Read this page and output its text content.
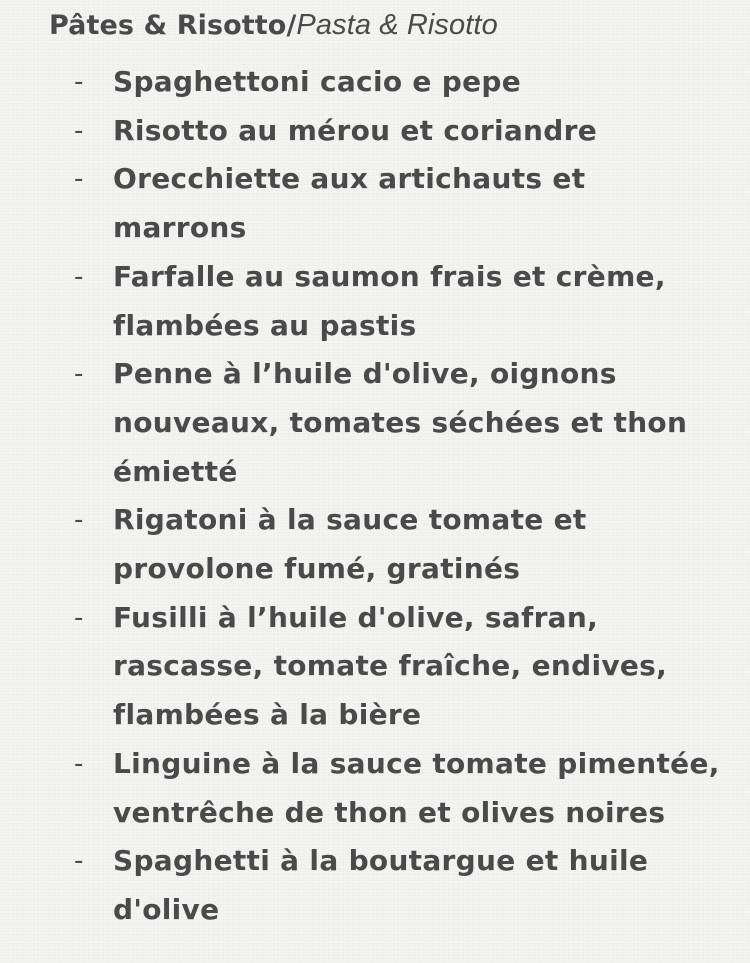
Pâtes & Risotto/Pasta & Risotto
- Spaghettoni cacio e pepe
- Risotto au mérou et coriandre
- Orecchiette aux artichauts et marrons
- Farfalle au saumon frais et crème, flambées au pastis
- Penne à l’huile d'olive, oignons nouveaux, tomates séchées et thon émietté
- Rigatoni à la sauce tomate et provolone fumé, gratinés
- Fusilli à l’huile d'olive, safran, rascasse, tomate fraîche, endives, flambées à la bière
- Linguine à la sauce tomate pimentée, ventrêche de thon et olives noires
- Spaghetti à la boutargue et huile d'olive
